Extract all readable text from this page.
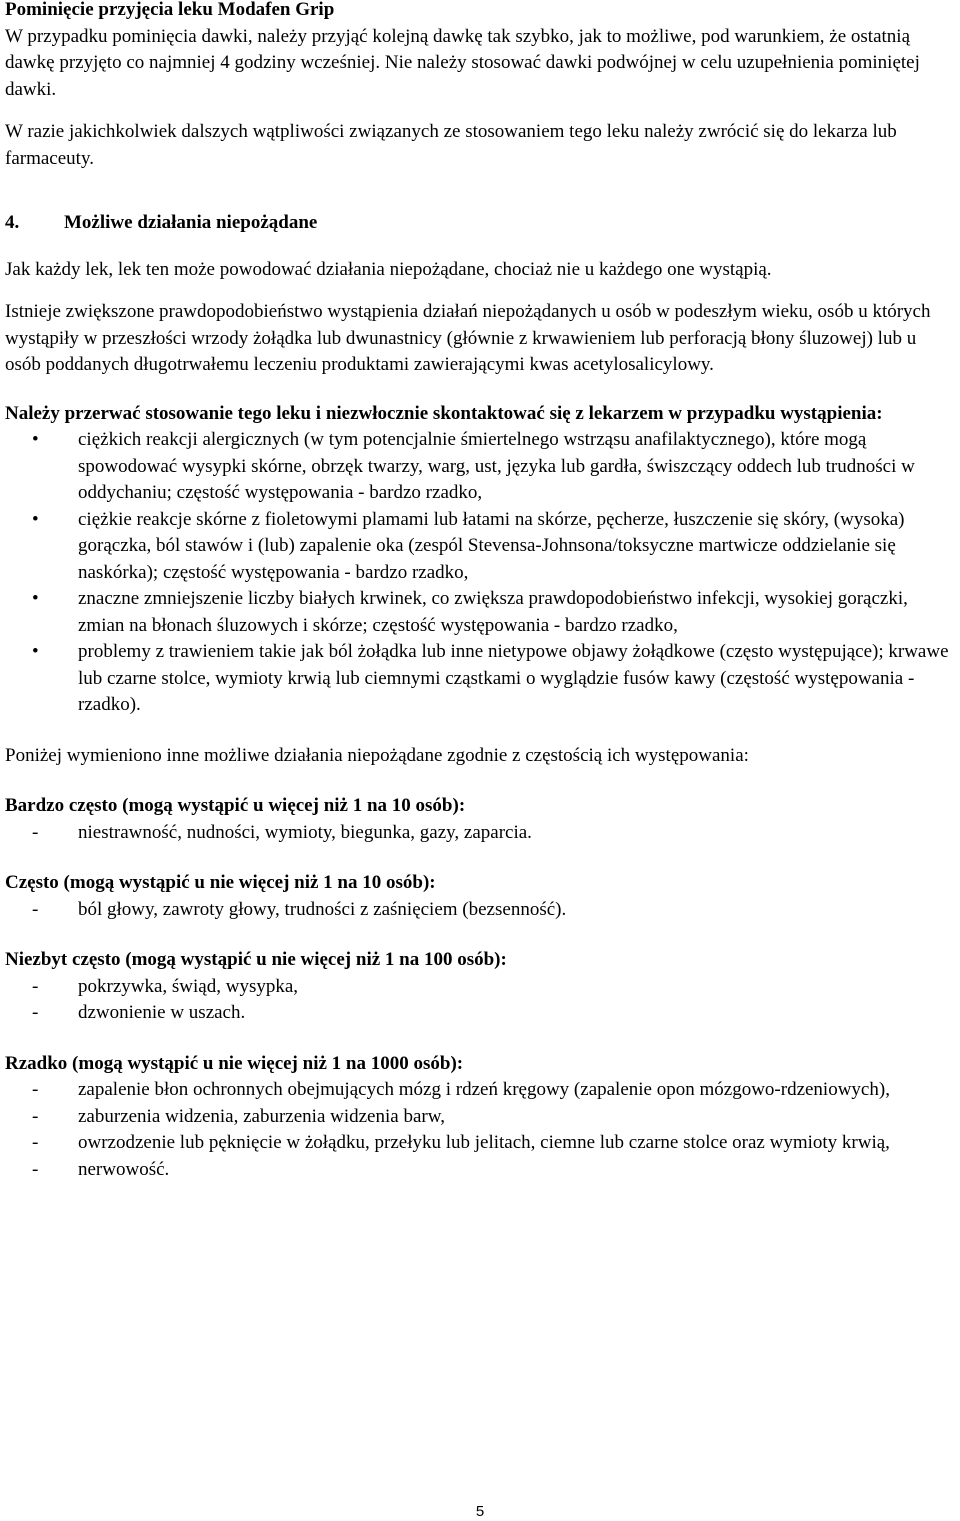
Pominięcie przyjęcia leku Modafen Grip

W przypadku pominięcia dawki, należy przyjąć kolejną dawkę tak szybko, jak to możliwe, pod warunkiem, że ostatnią dawkę przyjęto co najmniej 4 godziny wcześniej. Nie należy stosować dawki podwójnej w celu uzupełnienia pominiętej dawki.

W razie jakichkolwiek dalszych wątpliwości związanych ze stosowaniem tego leku należy zwrócić się do lekarza lub farmaceuty.

4. Możliwe działania niepożądane

Jak każdy lek, lek ten może powodować działania niepożądane, chociaż nie u każdego one wystąpią.

Istnieje zwiększone prawdopodobieństwo wystąpienia działań niepożądanych u osób w podeszłym wieku, osób u których wystąpiły w przeszłości wrzody żołądka lub dwunastnicy (głównie z krwawieniem lub perforacją błony śluzowej) lub u osób poddanych długotrwałemu leczeniu produktami zawierającymi kwas acetylosalicylowy.

Należy przerwać stosowanie tego leku i niezwłocznie skontaktować się z lekarzem w przypadku wystąpienia:

• ciężkich reakcji alergicznych (w tym potencjalnie śmiertelnego wstrząsu anafilaktycznego), które mogą spowodować wysypki skórne, obrzęk twarzy, warg, ust, języka lub gardła, świszczący oddech lub trudności w oddychaniu; częstość występowania - bardzo rzadko,
• ciężkie reakcje skórne z fioletowymi plamami lub łatami na skórze, pęcherze, łuszczenie się skóry, (wysoka) gorączka, ból stawów i (lub) zapalenie oka (zespól Stevensa-Johnsona/toksyczne martwicze oddzielanie się naskórka); częstość występowania - bardzo rzadko,
• znaczne zmniejszenie liczby białych krwinek, co zwiększa prawdopodobieństwo infekcji, wysokiej gorączki, zmian na błonach śluzowych i skórze; częstość występowania - bardzo rzadko,
• problemy z trawieniem takie jak ból żołądka lub inne nietypowe objawy żołądkowe (często występujące); krwawe lub czarne stolce, wymioty krwią lub ciemnymi cząstkami o wyglądzie fusów kawy (częstość występowania - rzadko).

Poniżej wymieniono inne możliwe działania niepożądane zgodnie z częstością ich występowania:

Bardzo często (mogą wystąpić u więcej niż 1 na 10 osób):

- niestrawność, nudności, wymioty, biegunka, gazy, zaparcia.

Często (mogą wystąpić u nie więcej niż 1 na 10 osób):

- ból głowy, zawroty głowy, trudności z zaśnięciem (bezsenność).

Niezbyt często (mogą wystąpić u nie więcej niż 1 na 100 osób):

- pokrzywka, świąd, wysypka,
- dzwonienie w uszach.

Rzadko (mogą wystąpić u nie więcej niż 1 na 1000 osób):

- zapalenie błon ochronnych obejmujących mózg i rdzeń kręgowy (zapalenie opon mózgowo-rdzeniowych),
- zaburzenia widzenia, zaburzenia widzenia barw,
- owrzodzenie lub pęknięcie w żołądku, przełyku lub jelitach, ciemne lub czarne stolce oraz wymioty krwią,
- nerwowość.
5
